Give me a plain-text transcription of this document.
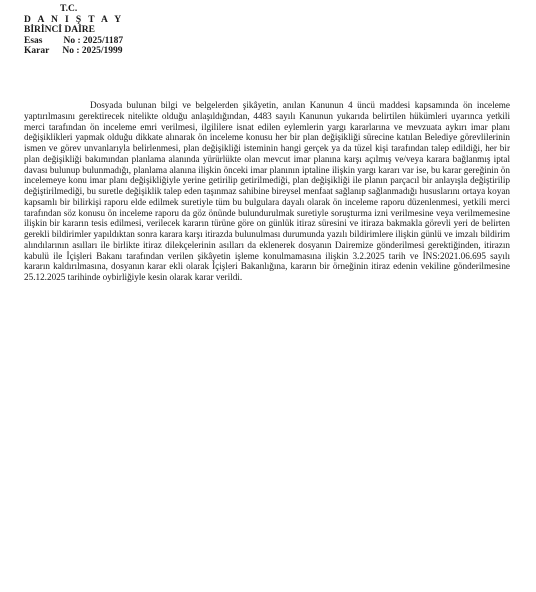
T.C.
D A N I Ş T A Y
BİRİNCİ DAİRE
Esas No : 2025/1187
Karar No : 2025/1999

Dosyada bulunan bilgi ve belgelerden şikâyetin, anılan Kanunun 4 üncü maddesi kapsamında ön inceleme yaptırılmasını gerektirecek nitelikte olduğu anlaşıldığından, 4483 sayılı Kanunun yukarıda belirtilen hükümleri uyarınca yetkili merci tarafından ön inceleme emri verilmesi, ilgililere isnat edilen eylemlerin yargı kararlarına ve mevzuata aykırı imar planı değişiklikleri yapmak olduğu dikkate alınarak ön inceleme konusu her bir plan değişikliği sürecine katılan Belediye görevlilerinin ismen ve görev unvanlarıyla belirlenmesi, plan değişikliği isteminin hangi gerçek ya da tüzel kişi tarafından talep edildiği, her bir plan değişikliği bakımından planlama alanında yürürlükte olan mevcut imar planına karşı açılmış ve/veya karara bağlanmış iptal davası bulunup bulunmadığı, planlama alanına ilişkin önceki imar planının iptaline ilişkin yargı kararı var ise, bu karar gereğinin ön incelemeye konu imar planı değişikliğiyle yerine getirilip getirilmediği, plan değişikliği ile planın parçacıl bir anlayışla değiştirilip değiştirilmediği, bu suretle değişiklik talep eden taşınmaz sahibine bireysel menfaat sağlanıp sağlanmadığı hususlarını ortaya koyan kapsamlı bir bilirkişi raporu elde edilmek suretiyle tüm bu bulgulara dayalı olarak ön inceleme raporu düzenlenmesi, yetkili merci tarafından söz konusu ön inceleme raporu da göz önünde bulundurulmak suretiyle soruşturma izni verilmesine veya verilmemesine ilişkin bir kararın tesis edilmesi, verilecek kararın türüne göre on günlük itiraz süresini ve itiraza bakmakla görevli yeri de belirten gerekli bildirimler yapıldıktan sonra karara karşı itirazda bulunulması durumunda yazılı bildirimlere ilişkin günlü ve imzalı bildirim alındılarının asılları ile birlikte itiraz dilekçelerinin asılları da eklenerek dosyanın Dairemize gönderilmesi gerektiğinden, itirazın kabulü ile İçişleri Bakanı tarafından verilen şikâyetin işleme konulmamasına ilişkin 3.2.2025 tarih ve İNS:2021.06.695 sayılı kararın kaldırılmasına, dosyanın karar ekli olarak İçişleri Bakanlığına, kararın bir örneğinin itiraz edenin vekiline gönderilmesine 25.12.2025 tarihinde oybirliğiyle kesin olarak karar verildi.
